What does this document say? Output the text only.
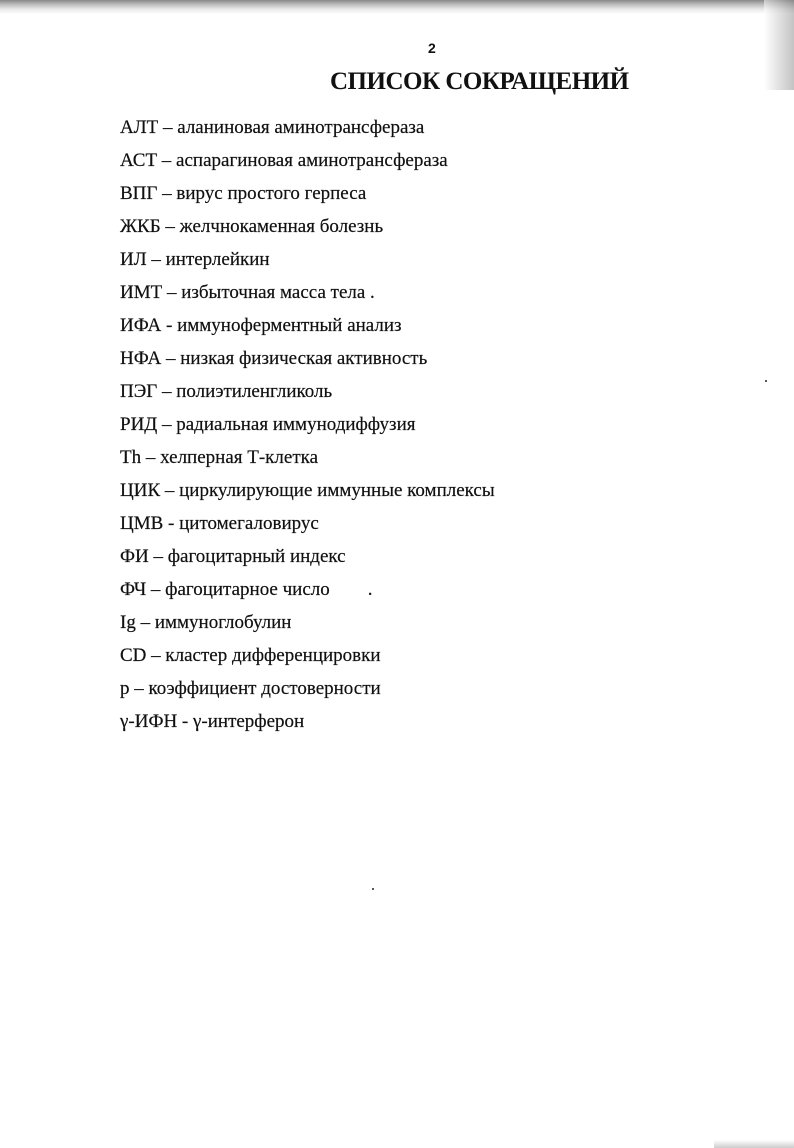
2
СПИСОК СОКРАЩЕНИЙ
АЛТ – аланиновая аминотрансфераза
АСТ – аспарагиновая аминотрансфераза
ВПГ – вирус простого герпеса
ЖКБ – желчнокаменная болезнь
ИЛ – интерлейкин
ИМТ – избыточная масса тела .
ИФА - иммуноферментный анализ
НФА – низкая физическая активность
ПЭГ – полиэтиленгликоль
РИД – радиальная иммунодиффузия
Th – хелперная Т-клетка
ЦИК – циркулирующие иммунные комплексы
ЦМВ - цитомегаловирус
ФИ – фагоцитарный индекс
ФЧ – фагоцитарное число        .
Ig – иммуноглобулин
CD – кластер дифференцировки
р – коэффициент достоверности
γ-ИФН - γ-интерферон
